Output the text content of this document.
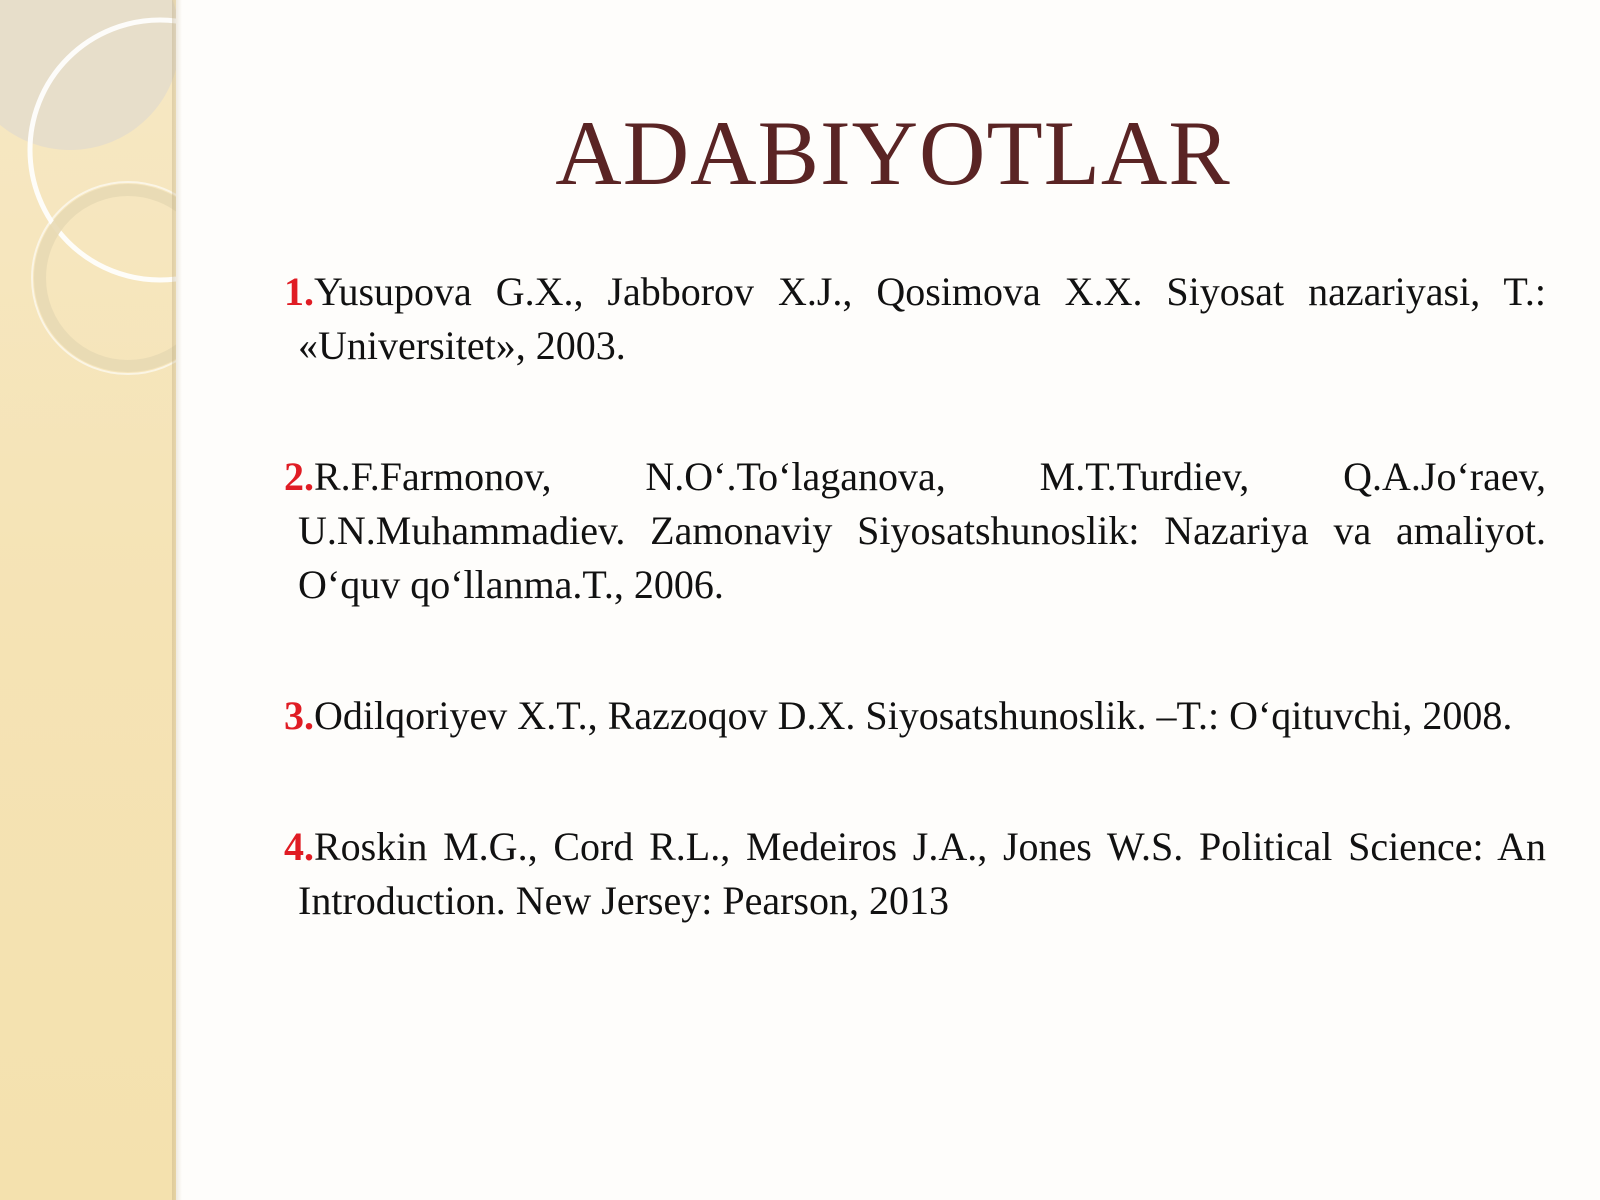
ADABIYOTLAR
1. Yusupova G.X., Jabborov X.J., Qosimova X.X. Siyosat nazariyasi, T.: «Universitet», 2003.
2. R.F.Farmonov, N.O‘.To‘laganova, M.T.Turdiev, Q.A.Jo‘raev, U.N.Muhammadiev. Zamonaviy Siyosatshunoslik: Nazariya va amaliyot. O‘quv qo‘llanma.T., 2006.
3. Odilqoriyev X.T., Razzoqov D.X. Siyosatshunoslik. –T.: O‘qituvchi, 2008.
4. Roskin M.G., Cord R.L., Medeiros J.A., Jones W.S. Political Science: An Introduction. New Jersey: Pearson, 2013
